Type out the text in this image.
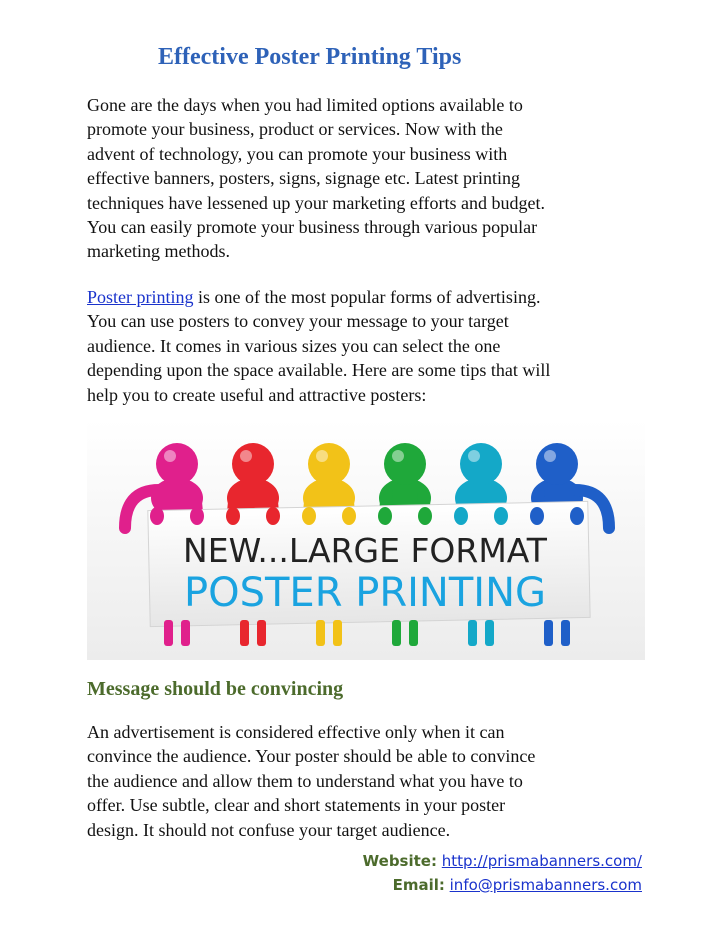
Effective Poster Printing Tips

Gone are the days when you had limited options available to
promote your business, product or services. Now with the
advent of technology, you can promote your business with
effective banners, posters, signs, signage etc. Latest printing
techniques have lessened up your marketing efforts and budget.
You can easily promote your business through various popular
marketing methods.

Poster printing is one of the most popular forms of advertising.
You can use posters to convey your message to your target
audience. It comes in various sizes you can select the one
depending upon the space available. Here are some tips that will
help you to create useful and attractive posters:

NEW...LARGE FORMAT
POSTER PRINTING
Message should be convincing

An advertisement is considered effective only when it can
convince the audience. Your poster should be able to convince
the audience and allow them to understand what you have to
offer. Use subtle, clear and short statements in your poster
design. It should not confuse your target audience.

Website: http://prismabanners.com/
Email: info@prismabanners.com
